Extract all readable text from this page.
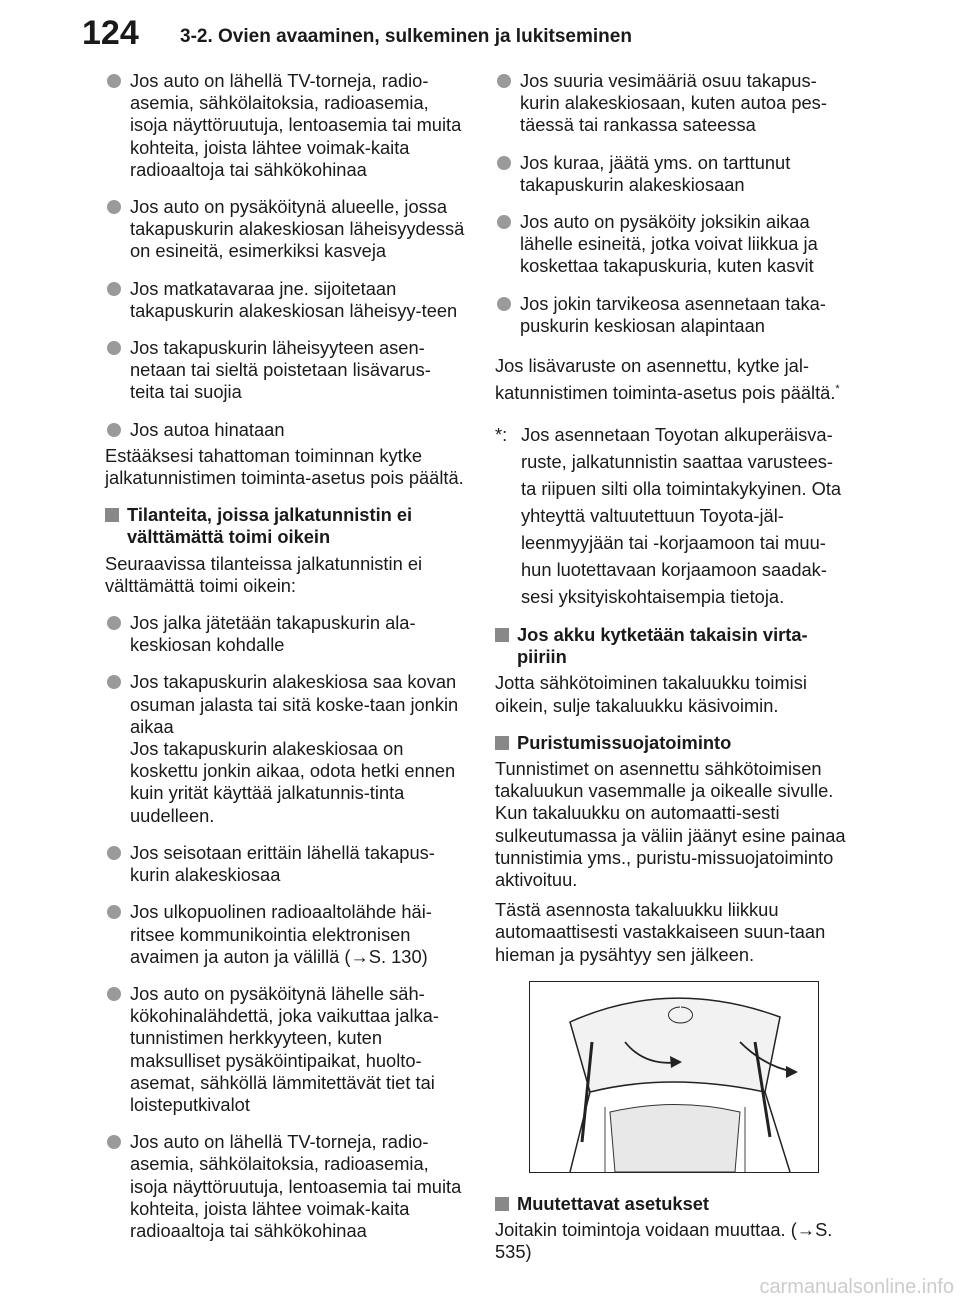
124 3-2. Ovien avaaminen, sulkeminen ja lukitseminen
Jos auto on lähellä TV-torneja, radio-asemia, sähkölaitoksia, radioasemia, isoja näyttöruutuja, lentoasemia tai muita kohteita, joista lähtee voimak-kaita radioaaltoja tai sähkökohinaa
Jos auto on pysäköitynä alueelle, jossa takapuskurin alakeskiosan läheisyydessä on esineitä, esimerkiksi kasveja
Jos matkatavaraa jne. sijoitetaan takapuskurin alakeskiosan läheisyy-teen
Jos takapuskurin läheisyyteen asen-netaan tai sieltä poistetaan lisävarus-teita tai suojia
Jos autoa hinataan
Estääksesi tahattoman toiminnan kytke jalkatunnistimen toiminta-asetus pois päältä.
Tilanteita, joissa jalkatunnistin ei välttämättä toimi oikein
Seuraavissa tilanteissa jalkatunnistin ei välttämättä toimi oikein:
Jos jalka jätetään takapuskurin ala-keskiosan kohdalle
Jos takapuskurin alakeskiosa saa kovan osuman jalasta tai sitä koske-taan jonkin aikaa
Jos takapuskurin alakeskiosaa on koskettu jonkin aikaa, odota hetki ennen kuin yrität käyttää jalkatunnis-tinta uudelleen.
Jos seisotaan erittäin lähellä takapus-kurin alakeskiosaa
Jos ulkopuolinen radioaaltolähde häi-ritsee kommunikointia elektronisen avaimen ja auton ja välillä (→S. 130)
Jos auto on pysäköitynä lähelle säh-kökohinalähdettä, joka vaikuttaa jalka-tunnistimen herkkyyteen, kuten maksulliset pysäköintipaikat, huolto-asemat, sähköllä lämmitettävät tiet tai loisteputkivalot
Jos auto on lähellä TV-torneja, radio-asemia, sähkölaitoksia, radioasemia, isoja näyttöruutuja, lentoasemia tai muita kohteita, joista lähtee voimak-kaita radioaaltoja tai sähkökohinaa
Jos suuria vesimääriä osuu takapus-kurin alakeskiosaan, kuten autoa pes-täessä tai rankassa sateessa
Jos kuraa, jäätä yms. on tarttunut takapuskurin alakeskiosaan
Jos auto on pysäköity joksikin aikaa lähelle esineitä, jotka voivat liikkua ja koskettaa takapuskuria, kuten kasvit
Jos jokin tarvikeosa asennetaan taka-puskurin keskiosan alapintaan
Jos lisävaruste on asennettu, kytke jal-katunnistimen toiminta-asetus pois päältä.*
*: Jos asennetaan Toyotan alkuperäisva-ruste, jalkatunnistin saattaa varustees-ta riipuen silti olla toimintakykyinen. Ota yhteyttä valtuutettuun Toyota-jäl-leenmyyjään tai -korjaamoon tai muu-hun luotettavaan korjaamoon saadak-sesi yksityiskohtaisempia tietoja.
Jos akku kytketään takaisin virta-piiriin
Jotta sähkötoiminen takaluukku toimisi oikein, sulje takaluukku käsivoimin.
Puristumissuojatoiminto
Tunnistimet on asennettu sähkötoimisen takaluukun vasemmalle ja oikealle sivulle. Kun takaluukku on automaatti-sesti sulkeutumassa ja väliin jäänyt esine painaa tunnistimia yms., puristu-missuojatoiminto aktivoituu.
Tästä asennosta takaluukku liikkuu automaattisesti vastakkaiseen suun-taan hieman ja pysähtyy sen jälkeen.
Muutettavat asetukset
Joitakin toimintoja voidaan muuttaa. (→S. 535)
carmanualsonline.info
